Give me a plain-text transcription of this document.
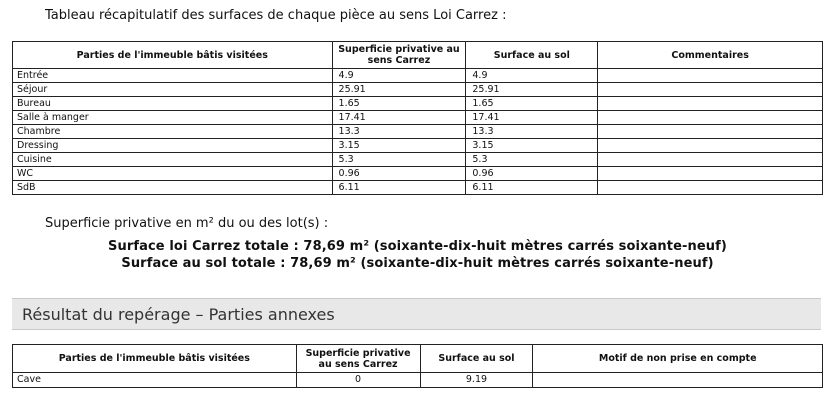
Tableau récapitulatif des surfaces de chaque pièce au sens Loi Carrez :
Parties de l'immeuble bâtis visitées	Superficie privative au sens Carrez	Surface au sol	Commentaires
Entrée	4.9	4.9	
Séjour	25.91	25.91	
Bureau	1.65	1.65	
Salle à manger	17.41	17.41	
Chambre	13.3	13.3	
Dressing	3.15	3.15	
Cuisine	5.3	5.3	
WC	0.96	0.96	
SdB	6.11	6.11	
Superficie privative en m² du ou des lot(s) :
Surface loi Carrez totale : 78,69 m² (soixante-dix-huit mètres carrés soixante-neuf)
Surface au sol totale : 78,69 m² (soixante-dix-huit mètres carrés soixante-neuf)
Résultat du repérage – Parties annexes
Parties de l'immeuble bâtis visitées	Superficie privative au sens Carrez	Surface au sol	Motif de non prise en compte
Cave	0	9.19	
